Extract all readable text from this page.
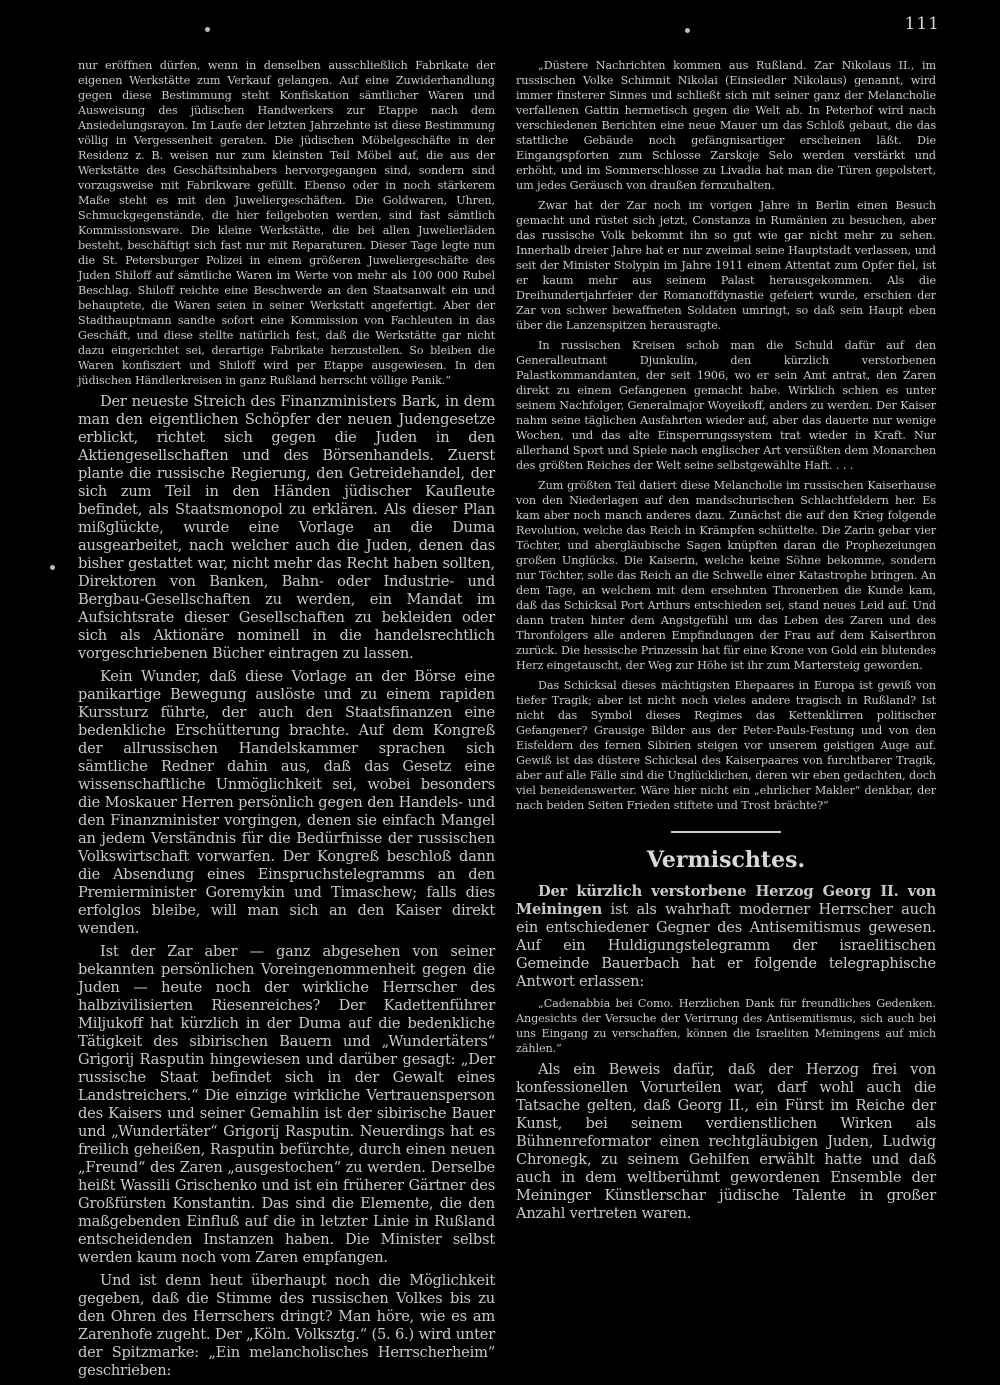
111

nur eröffnen dürfen, wenn in denselben ausschließlich Fabrikate der eigenen Werkstätte zum Verkauf gelangen. Auf eine Zuwiderhandlung gegen diese Bestimmung steht Konfiskation sämtlicher Waren und Ausweisung des jüdischen Handwerkers zur Etappe nach dem Ansiedelungsrayon. Im Laufe der letzten Jahrzehnte ist diese Bestimmung völlig in Vergessenheit geraten. Die jüdischen Möbelgeschäfte in der Residenz z. B. weisen nur zum kleinsten Teil Möbel auf, die aus der Werkstätte des Geschäftsinhabers hervorgegangen sind, sondern sind vorzugsweise mit Fabrikware gefüllt. Ebenso oder in noch stärkerem Maße steht es mit den Juweliergeschäften. Die Goldwaren, Uhren, Schmuckgegenstände, die hier feilgeboten werden, sind fast sämtlich Kommissionsware. Die kleine Werkstätte, die bei allen Juwelierläden besteht, beschäftigt sich fast nur mit Reparaturen. Dieser Tage legte nun die St. Petersburger Polizei in einem größeren Juweliergeschäfte des Juden Shiloff auf sämtliche Waren im Werte von mehr als 100 000 Rubel Beschlag. Shiloff reichte eine Beschwerde an den Staatsanwalt ein und behauptete, die Waren seien in seiner Werkstatt angefertigt. Aber der Stadthauptmann sandte sofort eine Kommission von Fachleuten in das Geschäft, und diese stellte natürlich fest, daß die Werkstätte gar nicht dazu eingerichtet sei, derartige Fabrikate herzustellen. So bleiben die Waren konfisziert und Shiloff wird per Etappe ausgewiesen. In den jüdischen Händlerkreisen in ganz Rußland herrscht völlige Panik.“

Der neueste Streich des Finanzministers Bark, in dem man den eigentlichen Schöpfer der neuen Judengesetze erblickt, richtet sich gegen die Juden in den Aktiengesellschaften und des Börsenhandels. Zuerst plante die russische Regierung, den Getreidehandel, der sich zum Teil in den Händen jüdischer Kaufleute befindet, als Staatsmonopol zu erklären. Als dieser Plan mißglückte, wurde eine Vorlage an die Duma ausgearbeitet, nach welcher auch die Juden, denen das bisher gestattet war, nicht mehr das Recht haben sollten, Direktoren von Banken, Bahn- oder Industrie- und Bergbau-Gesellschaften zu werden, ein Mandat im Aufsichtsrate dieser Gesellschaften zu bekleiden oder sich als Aktionäre nominell in die handelsrechtlich vorgeschriebenen Bücher eintragen zu lassen.

Kein Wunder, daß diese Vorlage an der Börse eine panikartige Bewegung auslöste und zu einem rapiden Kurssturz führte, der auch den Staatsfinanzen eine bedenkliche Erschütterung brachte. Auf dem Kongreß der allrussischen Handelskammer sprachen sich sämtliche Redner dahin aus, daß das Gesetz eine wissenschaftliche Unmöglichkeit sei, wobei besonders die Moskauer Herren persönlich gegen den Handels- und den Finanzminister vorgingen, denen sie einfach Mangel an jedem Verständnis für die Bedürfnisse der russischen Volkswirtschaft vorwarfen. Der Kongreß beschloß dann die Absendung eines Einspruchstelegramms an den Premierminister Goremykin und Timaschew; falls dies erfolglos bleibe, will man sich an den Kaiser direkt wenden.

Ist der Zar aber — ganz abgesehen von seiner bekannten persönlichen Voreingenommenheit gegen die Juden — heute noch der wirkliche Herrscher des halbzivilisierten Riesenreiches? Der Kadettenführer Miljukoff hat kürzlich in der Duma auf die bedenkliche Tätigkeit des sibirischen Bauern und „Wundertäters“ Grigorij Rasputin hingewiesen und darüber gesagt: „Der russische Staat befindet sich in der Gewalt eines Landstreichers.“ Die einzige wirkliche Vertrauensperson des Kaisers und seiner Gemahlin ist der sibirische Bauer und „Wundertäter“ Grigorij Rasputin. Neuerdings hat es freilich geheißen, Rasputin befürchte, durch einen neuen „Freund“ des Zaren „ausgestochen“ zu werden. Derselbe heißt Wassili Grischenko und ist ein früherer Gärtner des Großfürsten Konstantin. Das sind die Elemente, die den maßgebenden Einfluß auf die in letzter Linie in Rußland entscheidenden Instanzen haben. Die Minister selbst werden kaum noch vom Zaren empfangen.

Und ist denn heut überhaupt noch die Möglichkeit gegeben, daß die Stimme des russischen Volkes bis zu den Ohren des Herrschers dringt? Man höre, wie es am Zarenhofe zugeht. Der „Köln. Volksztg.“ (5. 6.) wird unter der Spitzmarke: „Ein melancholisches Herrscherheim“ geschrieben:

„Düstere Nachrichten kommen aus Rußland. Zar Nikolaus II., im russischen Volke Schimnit Nikolai (Einsiedler Nikolaus) genannt, wird immer finsterer Sinnes und schließt sich mit seiner ganz der Melancholie verfallenen Gattin hermetisch gegen die Welt ab. In Peterhof wird nach verschiedenen Berichten eine neue Mauer um das Schloß gebaut, die das stattliche Gebäude noch gefängnisartiger erscheinen läßt. Die Eingangspforten zum Schlosse Zarskoje Selo werden verstärkt und erhöht, und im Sommerschlosse zu Livadia hat man die Türen gepolstert, um jedes Geräusch von draußen fernzuhalten.

Zwar hat der Zar noch im vorigen Jahre in Berlin einen Besuch gemacht und rüstet sich jetzt, Constanza in Rumänien zu besuchen, aber das russische Volk bekommt ihn so gut wie gar nicht mehr zu sehen. Innerhalb dreier Jahre hat er nur zweimal seine Hauptstadt verlassen, und seit der Minister Stolypin im Jahre 1911 einem Attentat zum Opfer fiel, ist er kaum mehr aus seinem Palast herausgekommen. Als die Dreihundertjahrfeier der Romanoffdynastie gefeiert wurde, erschien der Zar von schwer bewaffneten Soldaten umringt, so daß sein Haupt eben über die Lanzenspitzen herausragte.

In russischen Kreisen schob man die Schuld dafür auf den Generalleutnant Djunkulin, den kürzlich verstorbenen Palastkommandanten, der seit 1906, wo er sein Amt antrat, den Zaren direkt zu einem Gefangenen gemacht habe. Wirklich schien es unter seinem Nachfolger, Generalmajor Woyeikoff, anders zu werden. Der Kaiser nahm seine täglichen Ausfahrten wieder auf, aber das dauerte nur wenige Wochen, und das alte Einsperrungssystem trat wieder in Kraft. Nur allerhand Sport und Spiele nach englischer Art versüßten dem Monarchen des größten Reiches der Welt seine selbstgewählte Haft. . . .

Zum größten Teil datiert diese Melancholie im russischen Kaiserhause von den Niederlagen auf den mandschurischen Schlachtfeldern her. Es kam aber noch manch anderes dazu. Zunächst die auf den Krieg folgende Revolution, welche das Reich in Krämpfen schüttelte. Die Zarin gebar vier Töchter, und abergläubische Sagen knüpften daran die Prophezeiungen großen Unglücks. Die Kaiserin, welche keine Söhne bekomme, sondern nur Töchter, solle das Reich an die Schwelle einer Katastrophe bringen. An dem Tage, an welchem mit dem ersehnten Thronerben die Kunde kam, daß das Schicksal Port Arthurs entschieden sei, stand neues Leid auf. Und dann traten hinter dem Angstgefühl um das Leben des Zaren und des Thronfolgers alle anderen Empfindungen der Frau auf dem Kaiserthron zurück. Die hessische Prinzessin hat für eine Krone von Gold ein blutendes Herz eingetauscht, der Weg zur Höhe ist ihr zum Martersteig geworden.

Das Schicksal dieses mächtigsten Ehepaares in Europa ist gewiß von tiefer Tragik; aber ist nicht noch vieles andere tragisch in Rußland? Ist nicht das Symbol dieses Regimes das Kettenklirren politischer Gefangener? Grausige Bilder aus der Peter-Pauls-Festung und von den Eisfeldern des fernen Sibirien steigen vor unserem geistigen Auge auf. Gewiß ist das düstere Schicksal des Kaiserpaares von furchtbarer Tragik, aber auf alle Fälle sind die Unglücklichen, deren wir eben gedachten, doch viel beneidenswerter. Wäre hier nicht ein „ehrlicher Makler“ denkbar, der nach beiden Seiten Frieden stiftete und Trost brächte?“

Vermischtes.

Der kürzlich verstorbene Herzog Georg II. von Meiningen ist als wahrhaft moderner Herrscher auch ein entschiedener Gegner des Antisemitismus gewesen. Auf ein Huldigungstelegramm der israelitischen Gemeinde Bauerbach hat er folgende telegraphische Antwort erlassen:

„Cadenabbia bei Como. Herzlichen Dank für freundliches Gedenken. Angesichts der Versuche der Verirrung des Antisemitismus, sich auch bei uns Eingang zu verschaffen, können die Israeliten Meiningens auf mich zählen.“

Als ein Beweis dafür, daß der Herzog frei von konfessionellen Vorurteilen war, darf wohl auch die Tatsache gelten, daß Georg II., ein Fürst im Reiche der Kunst, bei seinem verdienstlichen Wirken als Bühnenreformator einen rechtgläubigen Juden, Ludwig Chronegk, zu seinem Gehilfen erwählt hatte und daß auch in dem weltberühmt gewordenen Ensemble der Meininger Künstlerschar jüdische Talente in großer Anzahl vertreten waren.
